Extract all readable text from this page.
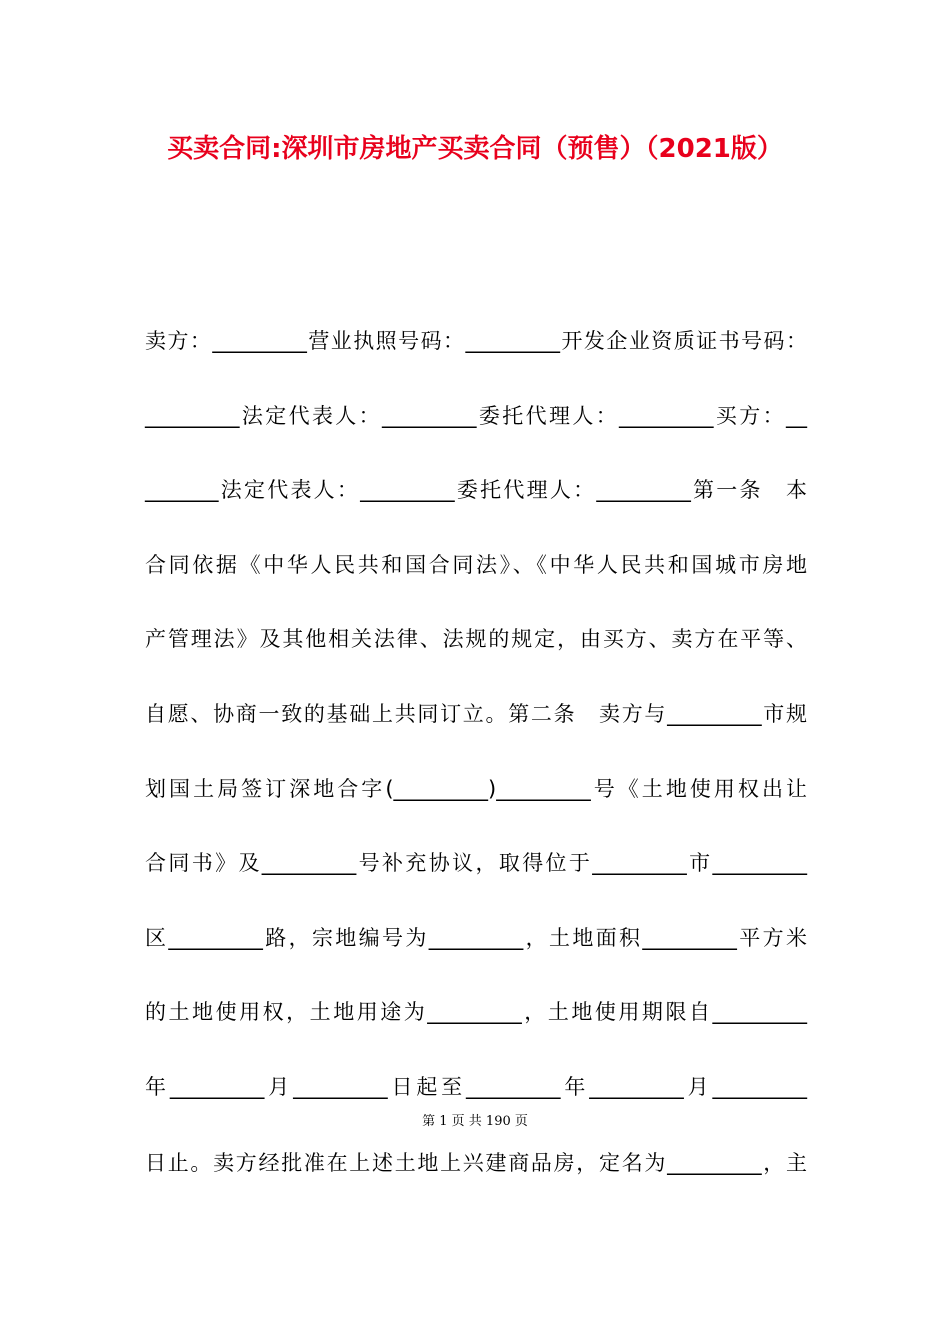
买卖合同:深圳市房地产买卖合同（预售）（2021版）
卖方：_________营业执照号码：_________开发企业资质证书号码：
_________法定代表人：_________委托代理人：_________买方：__
_______法定代表人：_________委托代理人：_________第一条　本
合同依据《中华人民共和国合同法》、《中华人民共和国城市房地
产管理法》及其他相关法律、法规的规定，由买方、卖方在平等、
自愿、协商一致的基础上共同订立。第二条　卖方与_________市规
划国土局签订深地合字(_________)_________号《土地使用权出让
合同书》及_________号补充协议，取得位于_________市_________
区_________路，宗地编号为_________，土地面积_________平方米
的土地使用权，土地用途为_________，土地使用期限自_________
年_________月_________日起至_________年_________月_________
第 1 页 共 190 页
日止。卖方经批准在上述土地上兴建商品房，定名为_________，主
